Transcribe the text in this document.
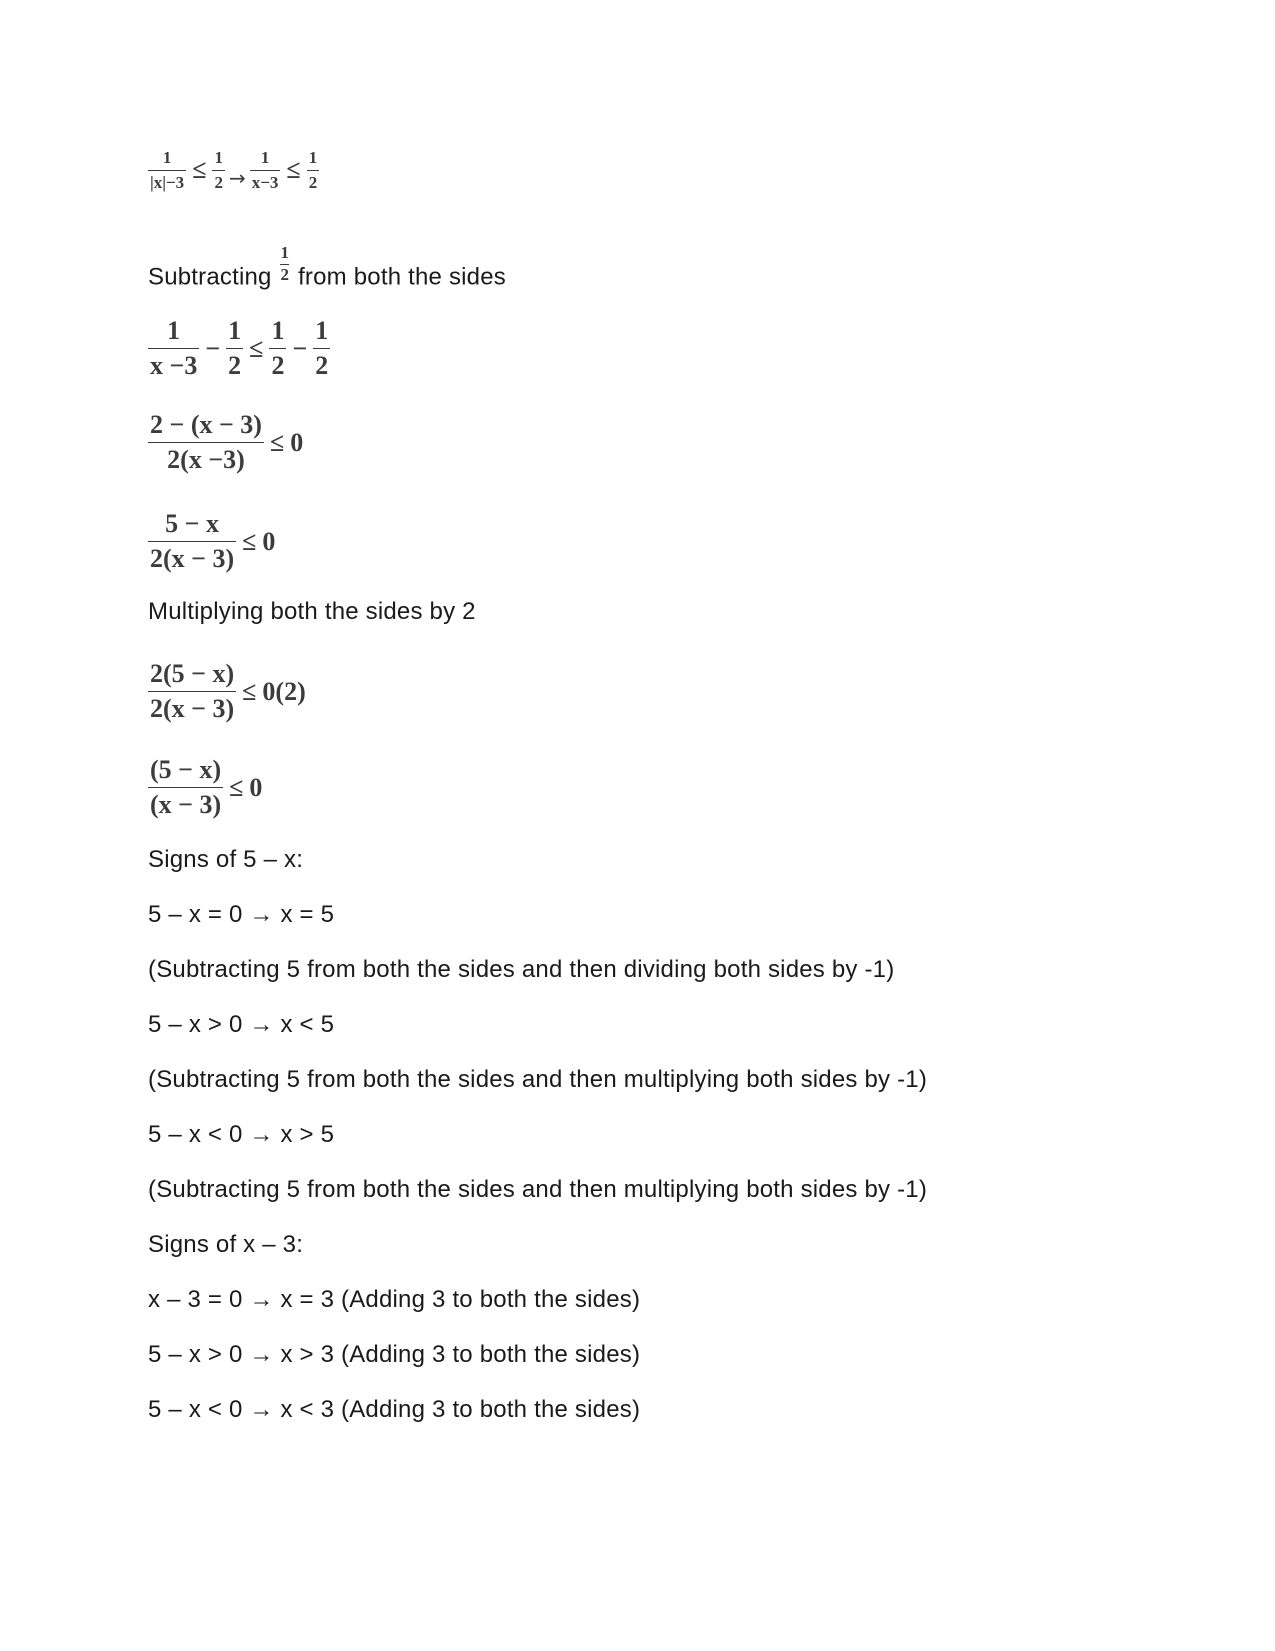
$\frac{1}{|x|-3} \le \frac{1}{2} \to \frac{1}{x-3} \le \frac{1}{2}$
Subtracting $\frac{1}{2}$ from both the sides
$\frac{1}{x -3} - \frac{1}{2} \le \frac{1}{2} - \frac{1}{2}$
$\frac{2 - (x - 3)}{2(x -3)} \le 0$
$\frac{5 - x}{2(x - 3)} \le 0$
Multiplying both the sides by 2
$\frac{2(5 - x)}{2(x - 3)} \le 0(2)$
$\frac{(5 - x)}{(x - 3)} \le 0$
Signs of 5 – x:
5 – x = 0 → x = 5
(Subtracting 5 from both the sides and then dividing both sides by -1)
5 – x > 0 → x < 5
(Subtracting 5 from both the sides and then multiplying both sides by -1)
5 – x < 0 → x > 5
(Subtracting 5 from both the sides and then multiplying both sides by -1)
Signs of x – 3:
x – 3 = 0 → x = 3 (Adding 3 to both the sides)
5 – x > 0 → x > 3 (Adding 3 to both the sides)
5 – x < 0 → x < 3 (Adding 3 to both the sides)
